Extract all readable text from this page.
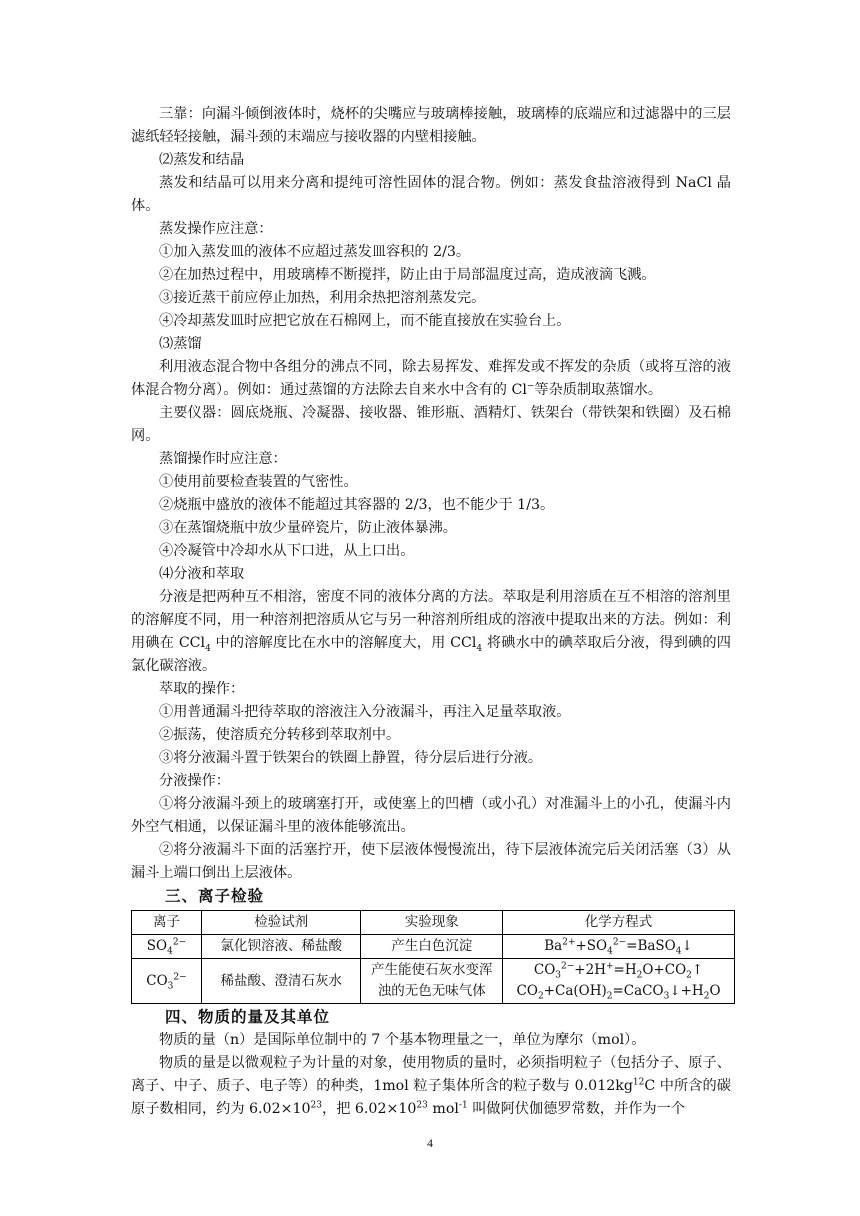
三靠：向漏斗倾倒液体时，烧杯的尖嘴应与玻璃棒接触，玻璃棒的底端应和过滤器中的三层滤纸轻轻接触，漏斗颈的末端应与接收器的内壁相接触。

⑵蒸发和结晶

蒸发和结晶可以用来分离和提纯可溶性固体的混合物。例如：蒸发食盐溶液得到 NaCl 晶体。

蒸发操作应注意：

①加入蒸发皿的液体不应超过蒸发皿容积的 2/3。

②在加热过程中，用玻璃棒不断搅拌，防止由于局部温度过高，造成液滴飞溅。

③接近蒸干前应停止加热，利用余热把溶剂蒸发完。

④冷却蒸发皿时应把它放在石棉网上，而不能直接放在实验台上。

⑶蒸馏

利用液态混合物中各组分的沸点不同，除去易挥发、难挥发或不挥发的杂质（或将互溶的液体混合物分离）。例如：通过蒸馏的方法除去自来水中含有的 Cl−等杂质制取蒸馏水。

主要仪器：圆底烧瓶、冷凝器、接收器、锥形瓶、酒精灯、铁架台（带铁架和铁圈）及石棉网。

蒸馏操作时应注意：

①使用前要检查装置的气密性。

②烧瓶中盛放的液体不能超过其容器的 2/3，也不能少于 1/3。

③在蒸馏烧瓶中放少量碎瓷片，防止液体暴沸。

④冷凝管中冷却水从下口进，从上口出。

⑷分液和萃取

分液是把两种互不相溶，密度不同的液体分离的方法。萃取是利用溶质在互不相溶的溶剂里的溶解度不同，用一种溶剂把溶质从它与另一种溶剂所组成的溶液中提取出来的方法。例如：利用碘在 CCl$_4$ 中的溶解度比在水中的溶解度大，用 CCl$_4$ 将碘水中的碘萃取后分液，得到碘的四氯化碳溶液。

萃取的操作：

①用普通漏斗把待萃取的溶液注入分液漏斗，再注入足量萃取液。

②振荡，使溶质充分转移到萃取剂中。

③将分液漏斗置于铁架台的铁圈上静置，待分层后进行分液。

分液操作：

①将分液漏斗颈上的玻璃塞打开，或使塞上的凹槽（或小孔）对准漏斗上的小孔，使漏斗内外空气相通，以保证漏斗里的液体能够流出。

②将分液漏斗下面的活塞拧开，使下层液体慢慢流出，待下层液体流完后关闭活塞（3）从漏斗上端口倒出上层液体。

三、离子检验
离子	检验试剂	实验现象	化学方程式
$SO_4^{2-}$	氯化钡溶液、稀盐酸	产生白色沉淀	$Ba^{2+}+SO_4^{2-}=BaSO_4↓$
$CO_3^{2-}$	稀盐酸、澄清石灰水	产生能使石灰水变浑浊的无色无味气体	$CO_3^{2-}+2H^+=H_2O+CO_2↑$
$CO_2+Ca(OH)_2=CaCO_3↓+H_2O$
四、物质的量及其单位

物质的量（n）是国际单位制中的 7 个基本物理量之一，单位为摩尔（mol）。

物质的量是以微观粒子为计量的对象，使用物质的量时，必须指明粒子（包括分子、原子、离子、中子、质子、电子等）的种类，1mol 粒子集体所含的粒子数与 $0.012kg^{12}C$ 中所含的碳原子数相同，约为 $6.02\times 10^{23}$，把 $6.02\times 10^{23}$ mol$^{-1}$ 叫做阿伏伽德罗常数，并作为一个

4
